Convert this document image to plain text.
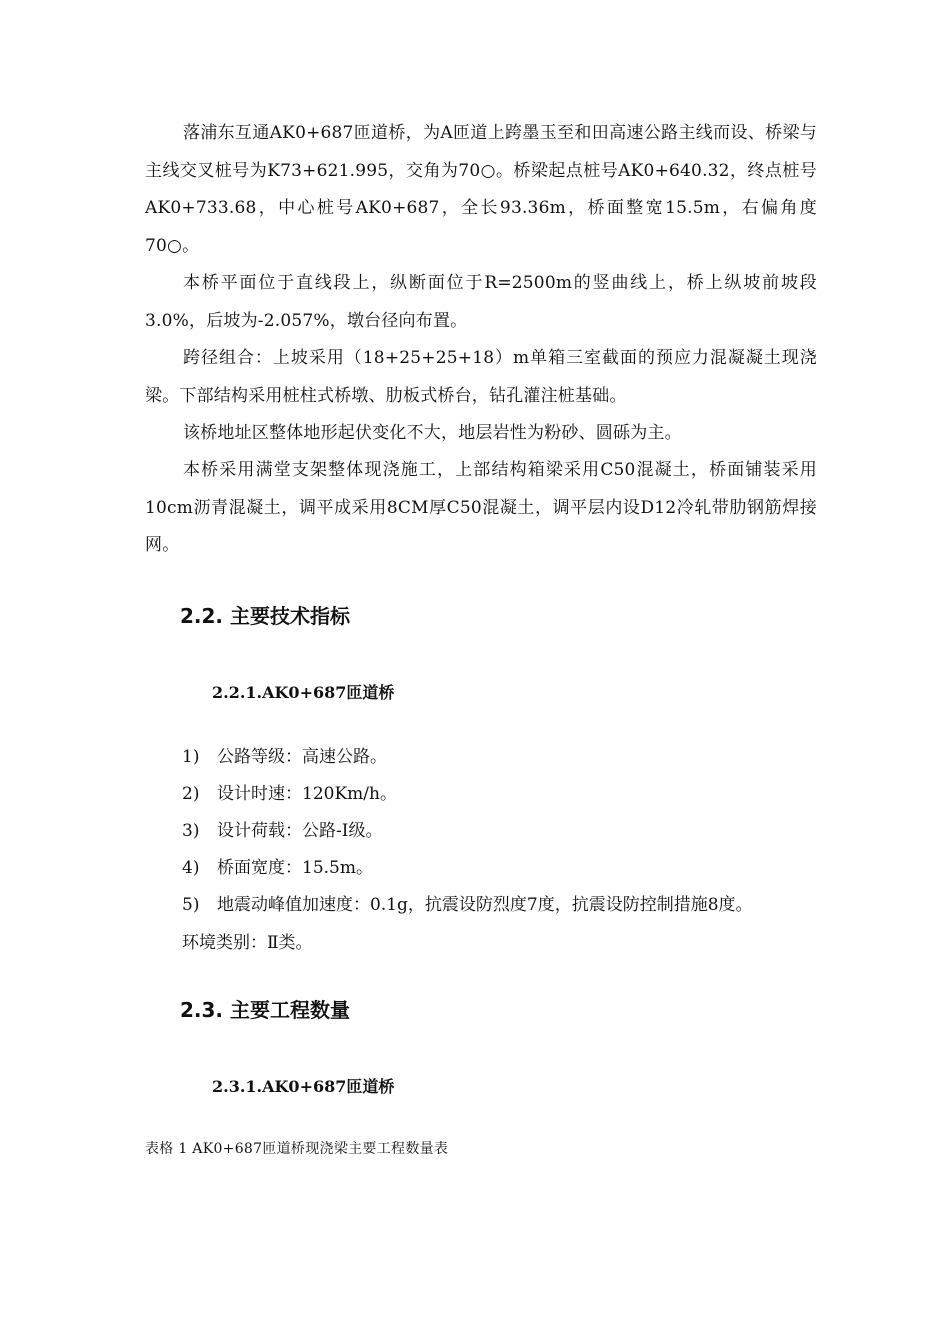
落浦东互通AK0+687匝道桥，为A匝道上跨墨玉至和田高速公路主线而设、桥梁与主线交叉桩号为K73+621.995，交角为70○。桥梁起点桩号AK0+640.32，终点桩号AK0+733.68，中心桩号AK0+687，全长93.36m，桥面整宽15.5m，右偏角度70○。

本桥平面位于直线段上，纵断面位于R=2500m的竖曲线上，桥上纵坡前坡段3.0%，后坡为-2.057%，墩台径向布置。

跨径组合：上坡采用（18+25+25+18）m单箱三室截面的预应力混凝凝土现浇梁。下部结构采用桩柱式桥墩、肋板式桥台，钻孔灌注桩基础。

该桥地址区整体地形起伏变化不大，地层岩性为粉砂、圆砾为主。

本桥采用满堂支架整体现浇施工，上部结构箱梁采用C50混凝土，桥面铺装采用10cm沥青混凝土，调平成采用8CM厚C50混凝土，调平层内设D12冷轧带肋钢筋焊接网。

2.2. 主要技术指标
2.2.1.AK0+687匝道桥

1) 公路等级：高速公路。

2) 设计时速：120Km/h。

3) 设计荷载：公路-I级。

4) 桥面宽度：15.5m。

5) 地震动峰值加速度：0.1g，抗震设防烈度7度，抗震设防控制措施8度。

环境类别：Ⅱ类。

2.3. 主要工程数量
2.3.1.AK0+687匝道桥

表格 1 AK0+687匝道桥现浇梁主要工程数量表
